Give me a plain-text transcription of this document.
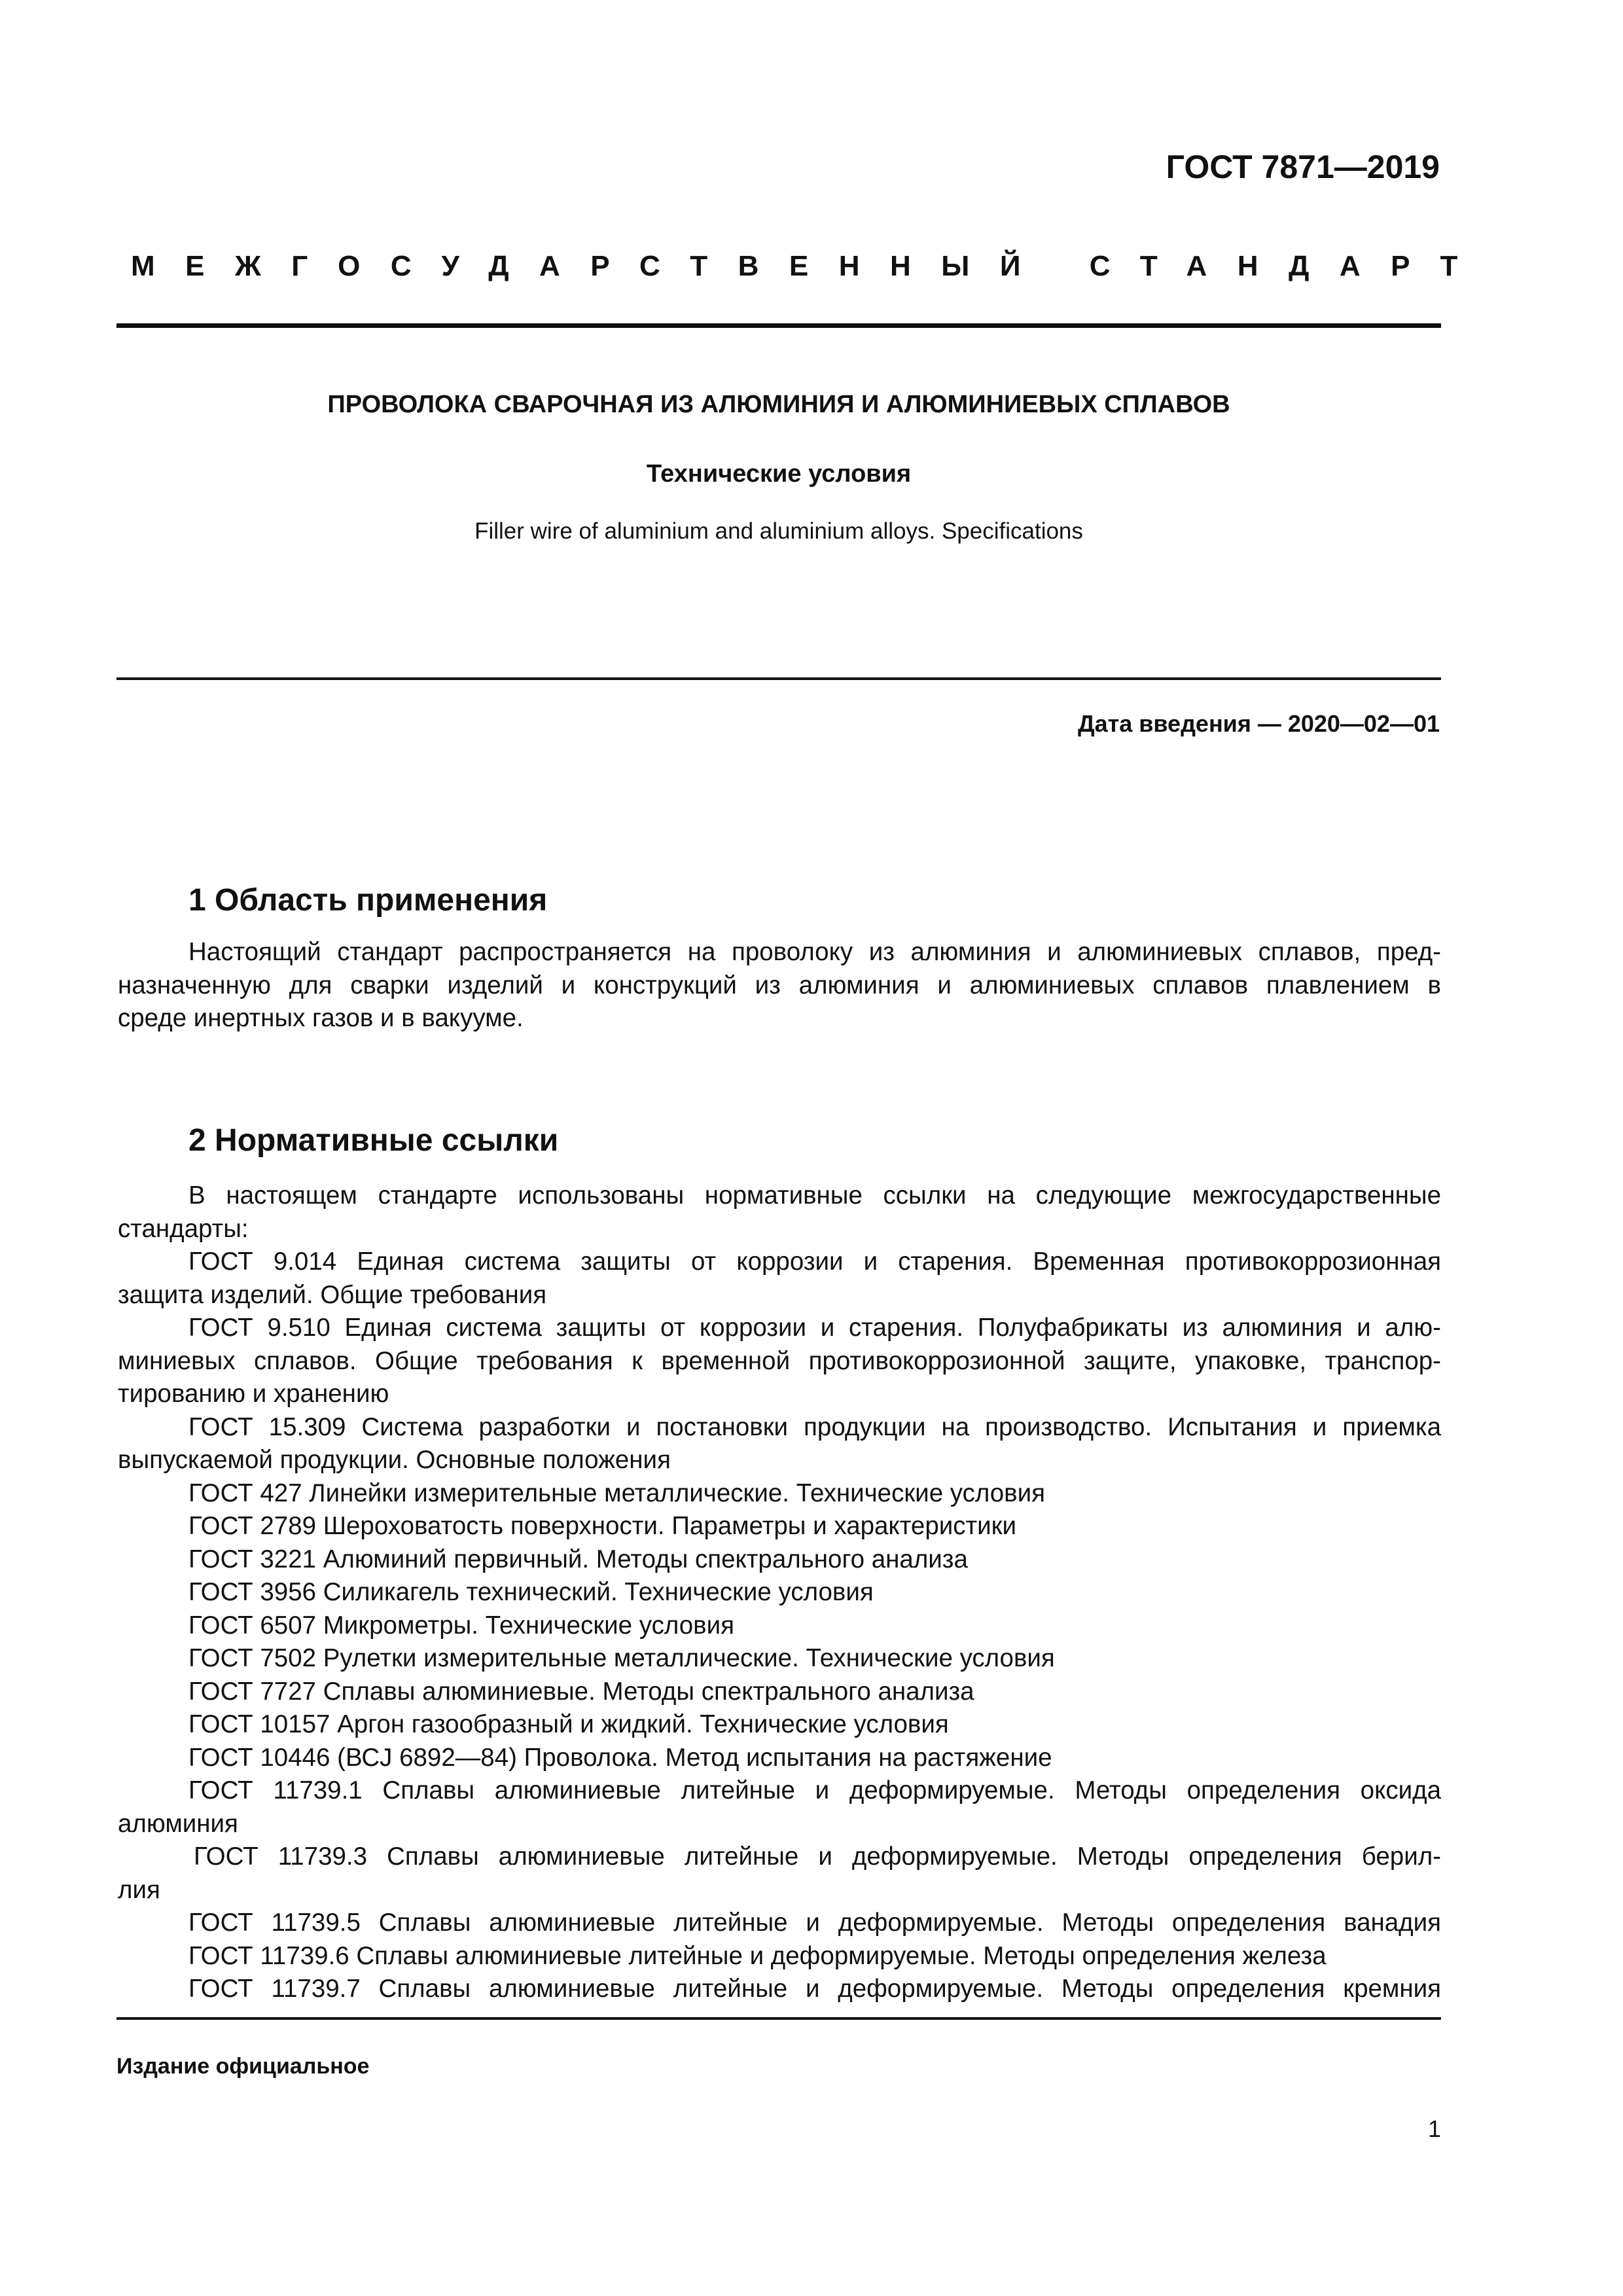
ГОСТ 7871—2019
МЕЖГОСУДАРСТВЕННЫЙ СТАНДАРТ
ПРОВОЛОКА СВАРОЧНАЯ ИЗ АЛЮМИНИЯ И АЛЮМИНИЕВЫХ СПЛАВОВ
Технические условия
Filler wire of aluminium and aluminium alloys. Specifications
Дата введения — 2020—02—01
1 Область применения
Настоящий стандарт распространяется на проволоку из алюминия и алюминиевых сплавов, пред-
назначенную для сварки изделий и конструкций из алюминия и алюминиевых сплавов плавлением в
среде инертных газов и в вакууме.
2 Нормативные ссылки
В настоящем стандарте использованы нормативные ссылки на следующие межгосударственные
стандарты:
ГОСТ 9.014 Единая система защиты от коррозии и старения. Временная противокоррозионная
защита изделий. Общие требования
ГОСТ 9.510 Единая система защиты от коррозии и старения. Полуфабрикаты из алюминия и алю-
миниевых сплавов. Общие требования к временной противокоррозионной защите, упаковке, транспор-
тированию и хранению
ГОСТ 15.309 Система разработки и постановки продукции на производство. Испытания и приемка
выпускаемой продукции. Основные положения
ГОСТ 427 Линейки измерительные металлические. Технические условия
ГОСТ 2789 Шероховатость поверхности. Параметры и характеристики
ГОСТ 3221 Алюминий первичный. Методы спектрального анализа
ГОСТ 3956 Силикагель технический. Технические условия
ГОСТ 6507 Микрометры. Технические условия
ГОСТ 7502 Рулетки измерительные металлические. Технические условия
ГОСТ 7727 Сплавы алюминиевые. Методы спектрального анализа
ГОСТ 10157 Аргон газообразный и жидкий. Технические условия
ГОСТ 10446 (ВСJ 6892—84) Проволока. Метод испытания на растяжение
ГОСТ 11739.1 Сплавы алюминиевые литейные и деформируемые. Методы определения оксида
алюминия
ГОСТ 11739.3 Сплавы алюминиевые литейные и деформируемые. Методы определения берил-
лия
ГОСТ 11739.5 Сплавы алюминиевые литейные и деформируемые. Методы определения ванадия
ГОСТ 11739.6 Сплавы алюминиевые литейные и деформируемые. Методы определения железа
ГОСТ 11739.7 Сплавы алюминиевые литейные и деформируемые. Методы определения кремния
Издание официальное
1
